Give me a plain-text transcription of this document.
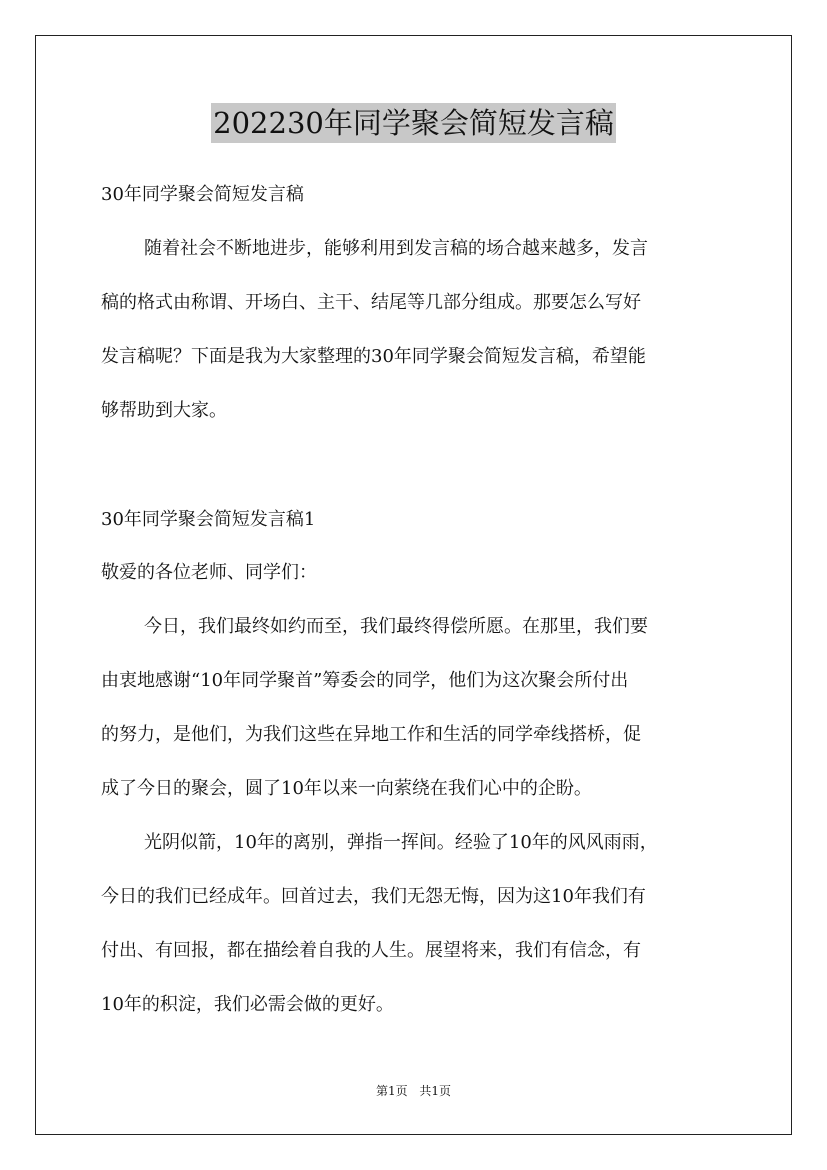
202230年同学聚会简短发言稿
30年同学聚会简短发言稿
随着社会不断地进步，能够利用到发言稿的场合越来越多，发言
稿的格式由称谓、开场白、主干、结尾等几部分组成。那要怎么写好
发言稿呢？下面是我为大家整理的30年同学聚会简短发言稿，希望能
够帮助到大家。
30年同学聚会简短发言稿1
敬爱的各位老师、同学们：
今日，我们最终如约而至，我们最终得偿所愿。在那里，我们要
由衷地感谢“10年同学聚首”筹委会的同学，他们为这次聚会所付出
的努力，是他们，为我们这些在异地工作和生活的同学牵线搭桥，促
成了今日的聚会，圆了10年以来一向萦绕在我们心中的企盼。
光阴似箭，10年的离别，弹指一挥间。经验了10年的风风雨雨，
今日的我们已经成年。回首过去，我们无怨无悔，因为这10年我们有
付出、有回报，都在描绘着自我的人生。展望将来，我们有信念，有
10年的积淀，我们必需会做的更好。
第1页 共1页
